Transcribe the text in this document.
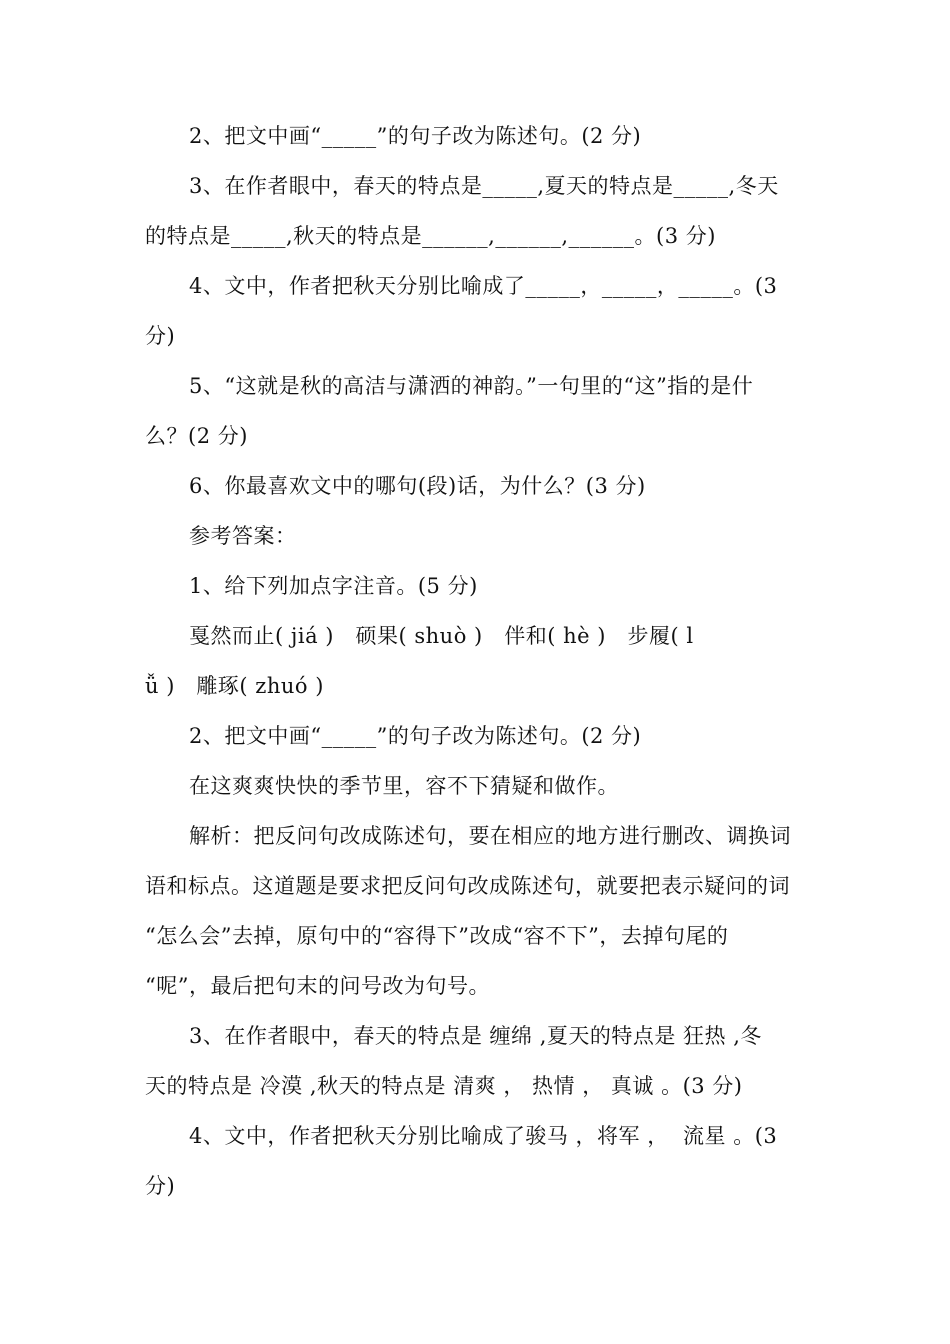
2、把文中画“_____”的句子改为陈述句。(2 分)
3、在作者眼中，春天的特点是_____,夏天的特点是_____,冬天
的特点是_____,秋天的特点是______,______,______。(3 分)
4、文中，作者把秋天分别比喻成了_____，_____，_____。(3
分)
5、“这就是秋的高洁与潇洒的神韵。”一句里的“这”指的是什
么？(2 分)
6、你最喜欢文中的哪句(段)话，为什么？(3 分)
参考答案：
1、给下列加点字注音。(5 分)
戛然而止( jiá )   硕果( shuò )   伴和( hè )   步履( l
ǚ )   雕琢( zhuó )
2、把文中画“_____”的句子改为陈述句。(2 分)
在这爽爽快快的季节里，容不下猜疑和做作。
解析：把反问句改成陈述句，要在相应的地方进行删改、调换词
语和标点。这道题是要求把反问句改成陈述句，就要把表示疑问的词
“怎么会”去掉，原句中的“容得下”改成“容不下”，去掉句尾的
“呢”，最后把句末的问号改为句号。
3、在作者眼中，春天的特点是 缠绵 ,夏天的特点是 狂热 ,冬
天的特点是 冷漠 ,秋天的特点是 清爽 ， 热情 ， 真诚 。(3 分)
4、文中，作者把秋天分别比喻成了骏马 ，将军 ，  流星 。(3
分)
